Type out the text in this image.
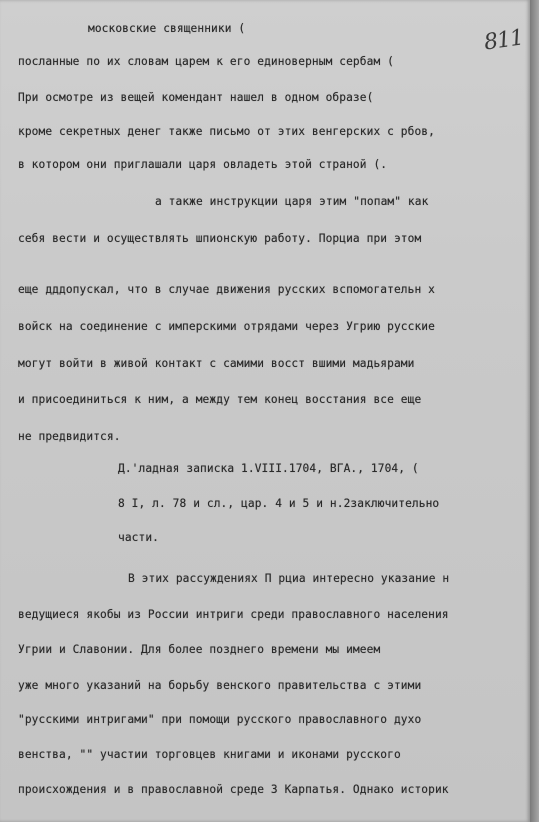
811
московские священники (
посланные по их словам царем к его единоверным сербам (
При осмотре из вещей комендант нашел в одном образе(
кроме секретных денег также письмо от этих венгерских с рбов,
в котором они приглашали царя овладеть этой страной (.
а также инструкции царя этим "попам" как
себя вести и осуществлять шпионскую работу. Порциа при этом
еще дддопускал, что в случае движения русских вспомогательн х
войск на соединение с имперскими отрядами через Угрию русские
могут войти в живой контакт с самими восст вшими мадьярами
и присоединиться к ним, а между тем конец восстания все еще
не предвидится.
Д.'ладная записка 1.VIII.1704, ВГА., 1704, (
8 I, л. 78 и сл., цар. 4 и 5 и н.2заключительно
части.
В этих рассуждениях П рциа интересно указание н
ведущиеся якобы из России интриги среди православного населения
Угрии и Славонии. Для более позднего времени мы имеем
уже много указаний на борьбу венского правительства с этими
"русскими интригами" при помощи русского православного духо
венства, "" участии торговцев книгами и иконами русского
происхождения и в православной среде З Карпатья. Однако историк
